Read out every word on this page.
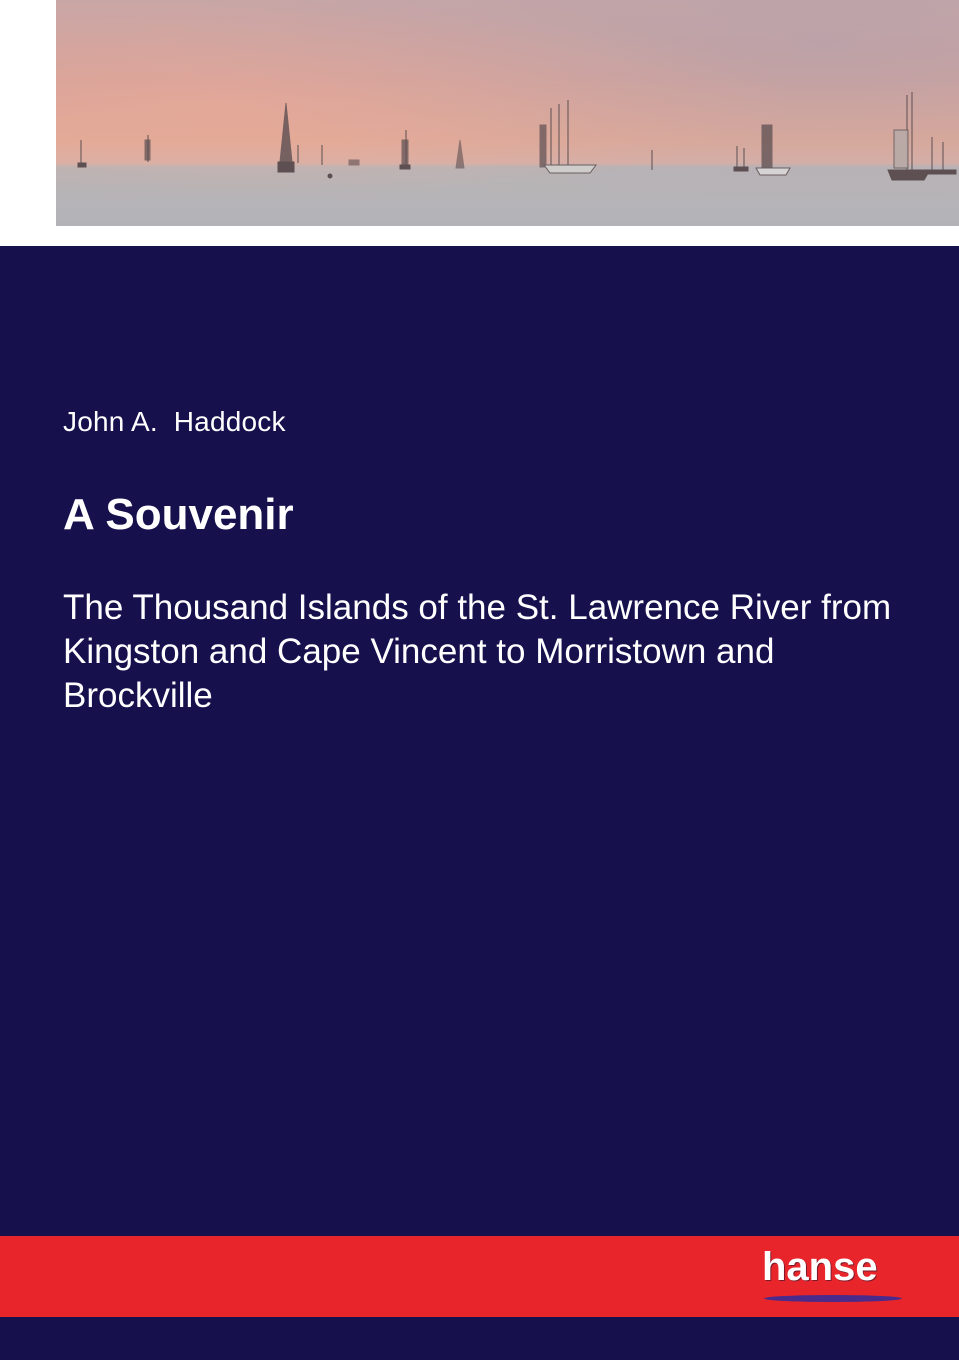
John A.  Haddock
A Souvenir
The Thousand Islands of the St. Lawrence River from Kingston and Cape Vincent to Morristown and Brockville
hanse
